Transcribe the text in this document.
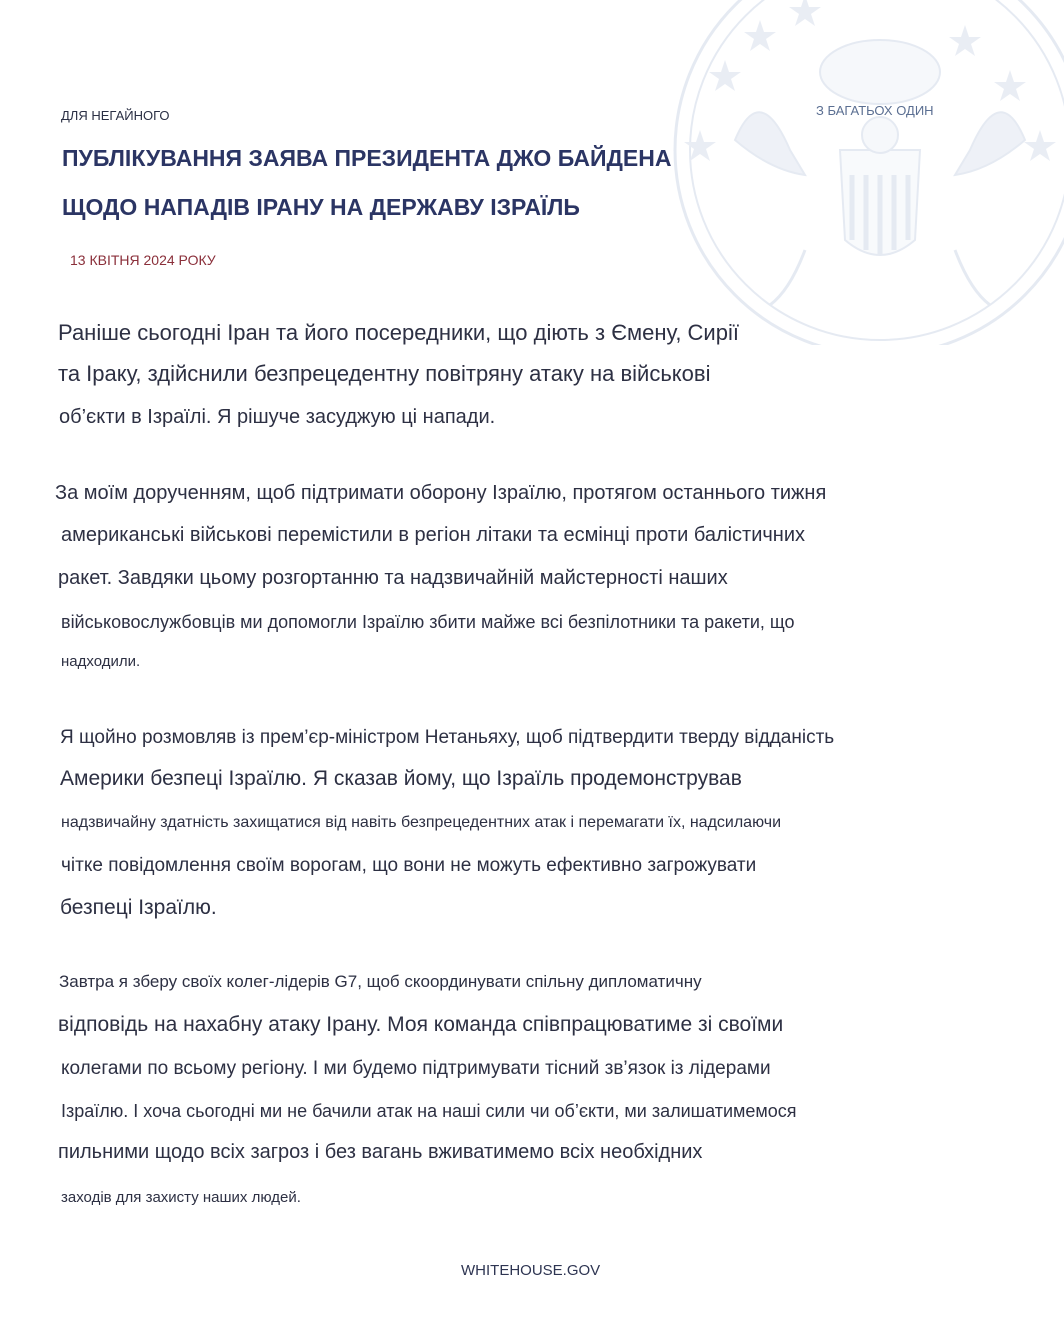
ДЛЯ НЕГАЙНОГО	З БАГАТЬОХ ОДИН

ПУБЛІКУВАННЯ ЗАЯВА ПРЕЗИДЕНТА ДЖО БАЙДЕНА
ЩОДО НАПАДІВ ІРАНУ НА ДЕРЖАВУ ІЗРАЇЛЬ

13 КВІТНЯ 2024 РОКУ

Раніше сьогодні Іран та його посередники, що діють з Ємену, Сирії

та Іраку, здійснили безпрецедентну повітряну атаку на військові

об’єкти в Ізраїлі. Я рішуче засуджую ці напади.

За моїм дорученням, щоб підтримати оборону Ізраїлю, протягом останнього тижня

американські військові перемістили в регіон літаки та есмінці проти балістичних

ракет. Завдяки цьому розгортанню та надзвичайній майстерності наших

військовослужбовців ми допомогли Ізраїлю збити майже всі безпілотники та ракети, що

надходили.

Я щойно розмовляв із прем’єр-міністром Нетаньяху, щоб підтвердити тверду відданість

Америки безпеці Ізраїлю. Я сказав йому, що Ізраїль продемонстрував

надзвичайну здатність захищатися від навіть безпрецедентних атак і перемагати їх, надсилаючи

чітке повідомлення своїм ворогам, що вони не можуть ефективно загрожувати

безпеці Ізраїлю.

Завтра я зберу своїх колег-лідерів G7, щоб скоординувати спільну дипломатичну

відповідь на нахабну атаку Ірану. Моя команда співпрацюватиме зі своїми

колегами по всьому регіону. І ми будемо підтримувати тісний зв’язок із лідерами

Ізраїлю. І хоча сьогодні ми не бачили атак на наші сили чи об’єкти, ми залишатимемося

пильними щодо всіх загроз і без вагань вживатимемо всіх необхідних

заходів для захисту наших людей.

WHITEHOUSE.GOV
